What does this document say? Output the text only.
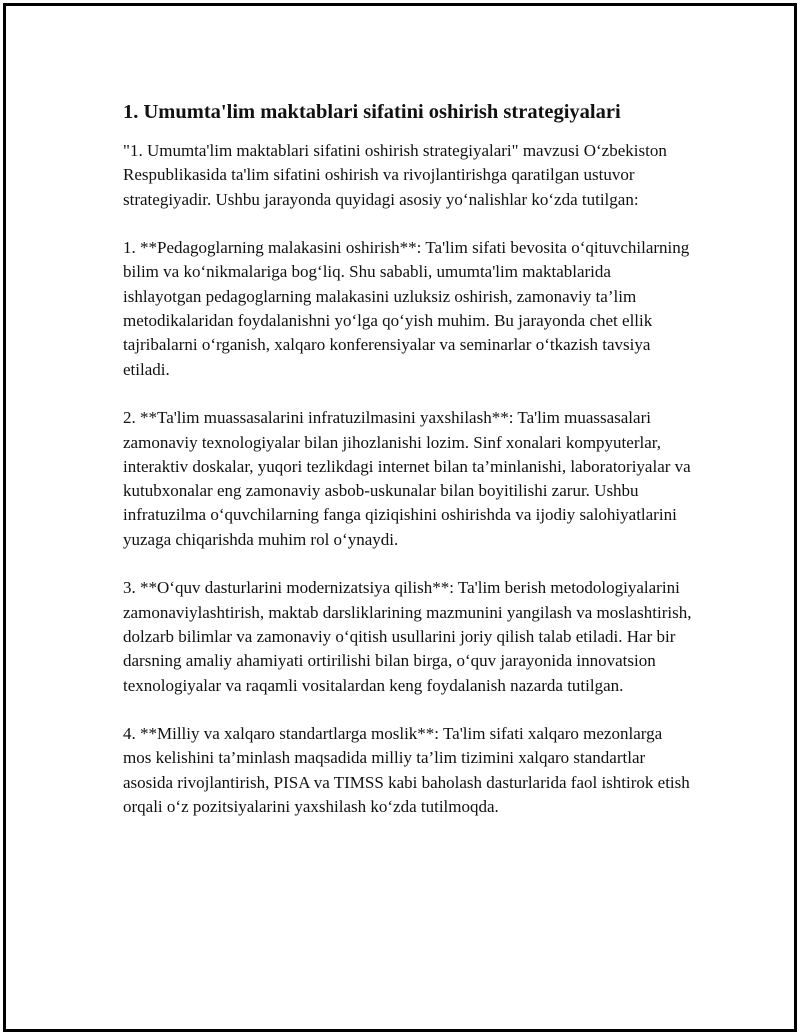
1. Umumta'lim maktablari sifatini oshirish strategiyalari

"1. Umumta'lim maktablari sifatini oshirish strategiyalari" mavzusi O‘zbekiston Respublikasida ta'lim sifatini oshirish va rivojlantirishga qaratilgan ustuvor strategiyadir. Ushbu jarayonda quyidagi asosiy yo‘nalishlar ko‘zda tutilgan:

1. **Pedagoglarning malakasini oshirish**: Ta'lim sifati bevosita o‘qituvchilarning bilim va ko‘nikmalariga bog‘liq. Shu sababli, umumta'lim maktablarida ishlayotgan pedagoglarning malakasini uzluksiz oshirish, zamonaviy ta’lim metodikalaridan foydalanishni yo‘lga qo‘yish muhim. Bu jarayonda chet ellik tajribalarni o‘rganish, xalqaro konferensiyalar va seminarlar o‘tkazish tavsiya etiladi.

2. **Ta'lim muassasalarini infratuzilmasini yaxshilash**: Ta'lim muassasalari zamonaviy texnologiyalar bilan jihozlanishi lozim. Sinf xonalari kompyuterlar, interaktiv doskalar, yuqori tezlikdagi internet bilan ta’minlanishi, laboratoriyalar va kutubxonalar eng zamonaviy asbob-uskunalar bilan boyitilishi zarur. Ushbu infratuzilma o‘quvchilarning fanga qiziqishini oshirishda va ijodiy salohiyatlarini yuzaga chiqarishda muhim rol o‘ynaydi.

3. **O‘quv dasturlarini modernizatsiya qilish**: Ta'lim berish metodologiyalarini zamonaviylashtirish, maktab darsliklarining mazmunini yangilash va moslashtirish, dolzarb bilimlar va zamonaviy o‘qitish usullarini joriy qilish talab etiladi. Har bir darsning amaliy ahamiyati ortirilishi bilan birga, o‘quv jarayonida innovatsion texnologiyalar va raqamli vositalardan keng foydalanish nazarda tutilgan.

4. **Milliy va xalqaro standartlarga moslik**: Ta'lim sifati xalqaro mezonlarga mos kelishini ta’minlash maqsadida milliy ta’lim tizimini xalqaro standartlar asosida rivojlantirish, PISA va TIMSS kabi baholash dasturlarida faol ishtirok etish orqali o‘z pozitsiyalarini yaxshilash ko‘zda tutilmoqda.
